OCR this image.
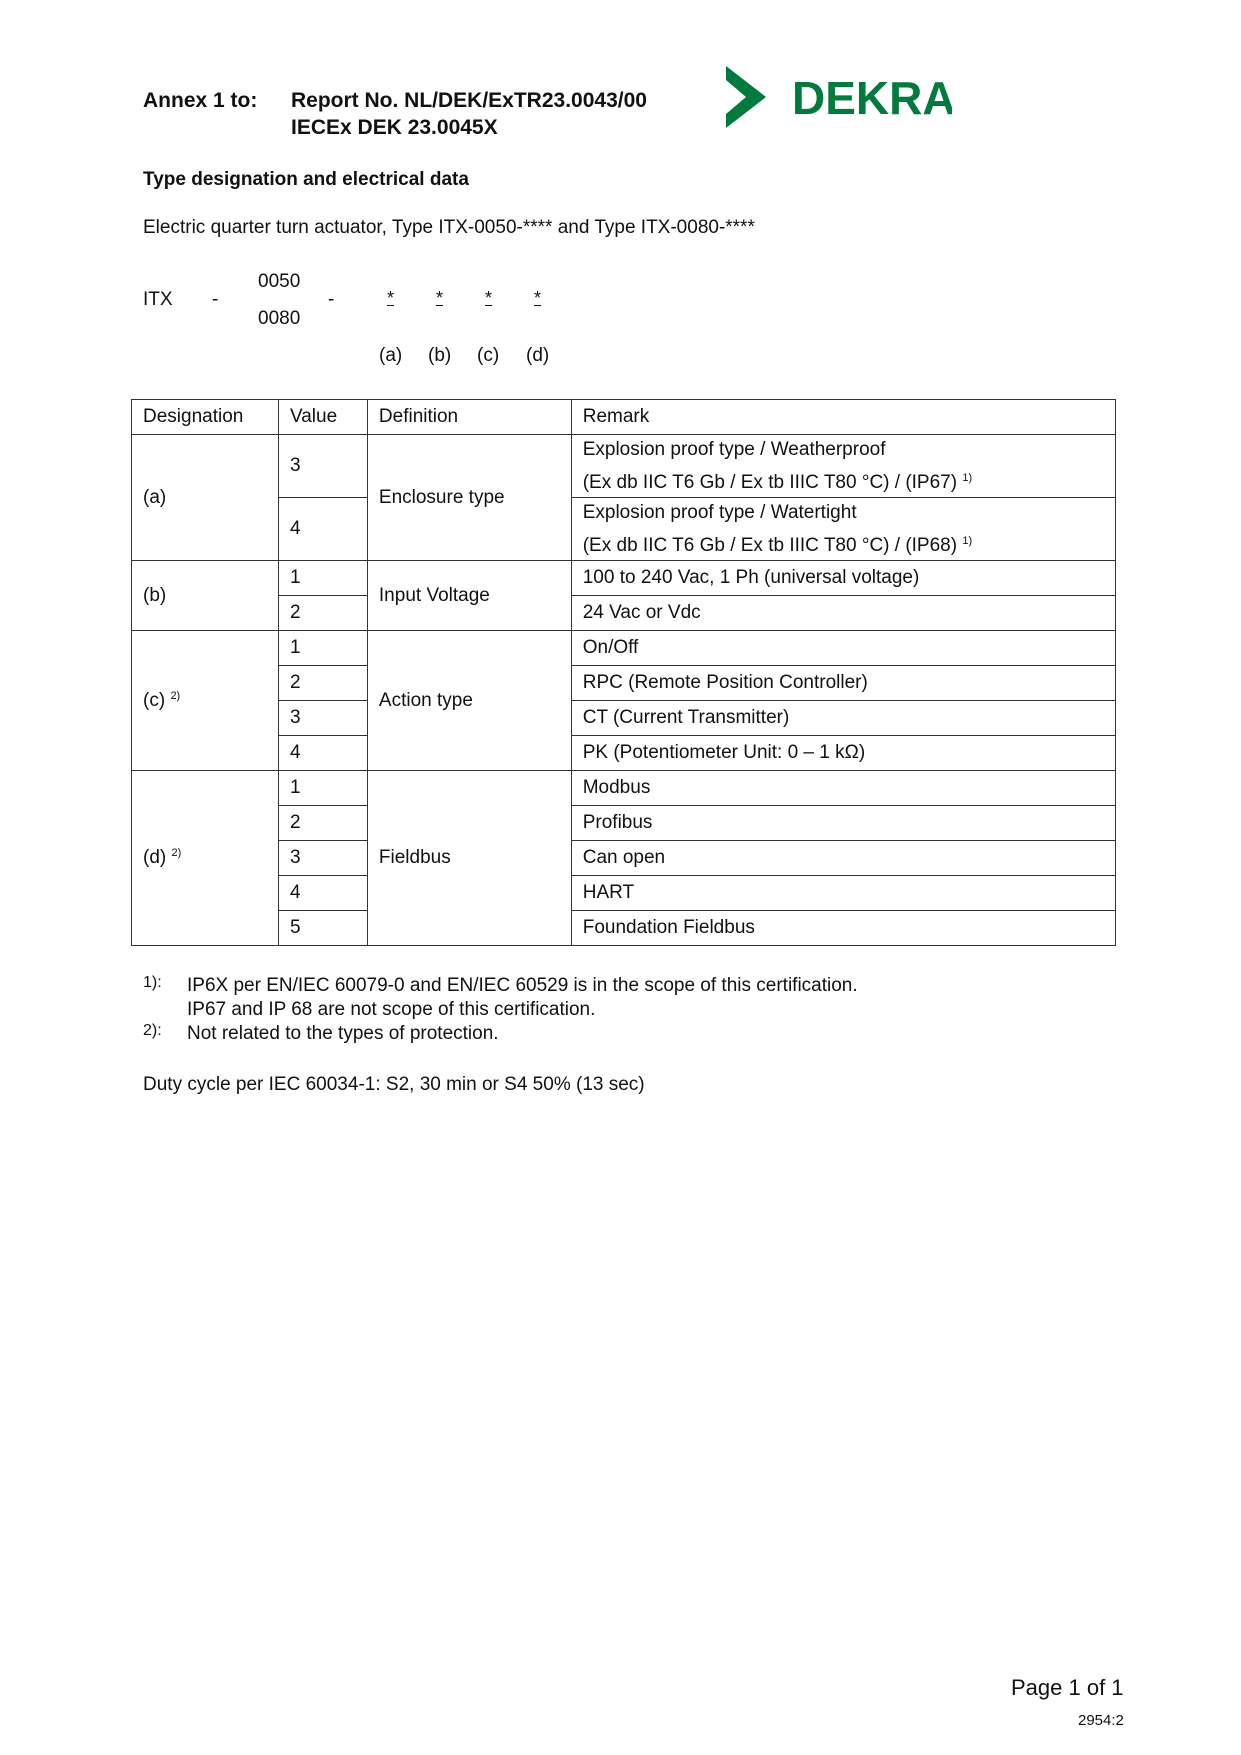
Annex 1 to: Report No. NL/DEK/ExTR23.0043/00
IECEx DEK 23.0045X
DEKRA
Type designation and electrical data
Electric quarter turn actuator, Type ITX-0050-**** and Type ITX-0080-****
ITX -
0050
0080
-	* * * *
(a) (b) (c) (d)
Designation	Value	Definition	Remark
(a)	3	Enclosure type	Explosion proof type / Weatherproof
(Ex db IIC T6 Gb / Ex tb IIIC T80 °C) / (IP67) $^{1)}$
	4		Explosion proof type / Watertight
(Ex db IIC T6 Gb / Ex tb IIIC T80 °C) / (IP68) $^{1)}$
(b)	1	Input Voltage	100 to 240 Vac, 1 Ph (universal voltage)
	2		24 Vac or Vdc
(c) $^{2)}$	1	Action type	On/Off
	2		RPC (Remote Position Controller)
	3		CT (Current Transmitter)
	4		PK (Potentiometer Unit: 0 – 1 kΩ)
(d) $^{2)}$	1	Fieldbus	Modbus
	2		Profibus
	3		Can open
	4		HART
	5		Foundation Fieldbus
1): IP6X per EN/IEC 60079-0 and EN/IEC 60529 is in the scope of this certification.
IP67 and IP 68 are not scope of this certification.
2): Not related to the types of protection.
Duty cycle per IEC 60034-1: S2, 30 min or S4 50% (13 sec)
Page 1 of 1
2954:2
